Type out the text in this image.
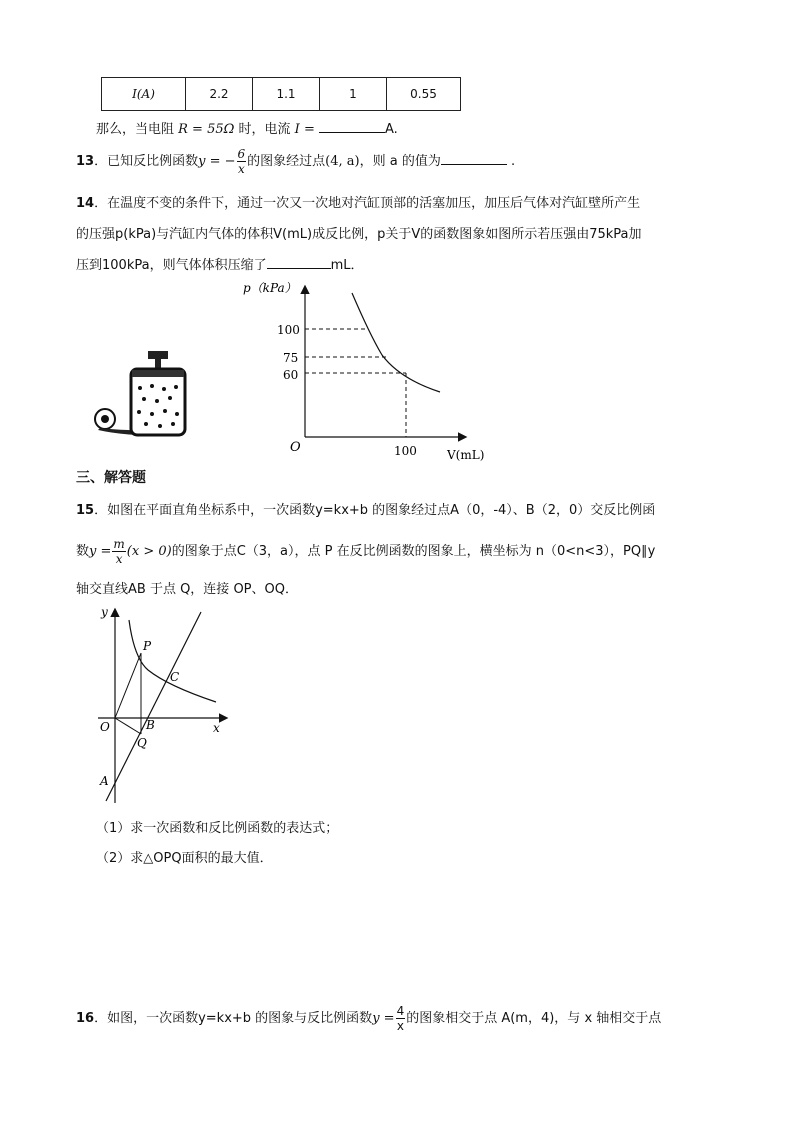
I(A)	2.2	1.1	1	0.55
那么，当电阻 R = 55Ω 时，电流 I =	A.
13．已知反比例函数y = − $\frac{6}{x}$ 的图象经过点(4, a)，则 a 的值为	.
14．在温度不变的条件下，通过一次又一次地对汽缸顶部的活塞加压，加压后气体对汽缸壁所产生
的压强p(kPa)与汽缸内气体的体积V(mL)成反比例，p关于V的函数图象如图所示若压强由75kPa加
压到100kPa，则气体体积压缩了	mL．
p（kPa）
100
75
60
O	100	V(mL)
三、解答题
15．如图在平面直角坐标系中，一次函数y=kx+b 的图象经过点A（0，-4）、B（2，0）交反比例函
数$y = \frac{m}{x} (x > 0)$的图象于点C（3，a），点 P 在反比例函数的图象上，横坐标为 n（0<n<3），PQ∥y
轴交直线AB 于点 Q，连接 OP、OQ．
y
x
O
P
C
B
Q
A
（1）求一次函数和反比例函数的表达式；
（2）求△OPQ面积的最大值．
16．如图，一次函数y=kx+b 的图象与反比例函数$y = \frac{4}{x}$ 的图象相交于点 A(m，4)，与 x 轴相交于点
